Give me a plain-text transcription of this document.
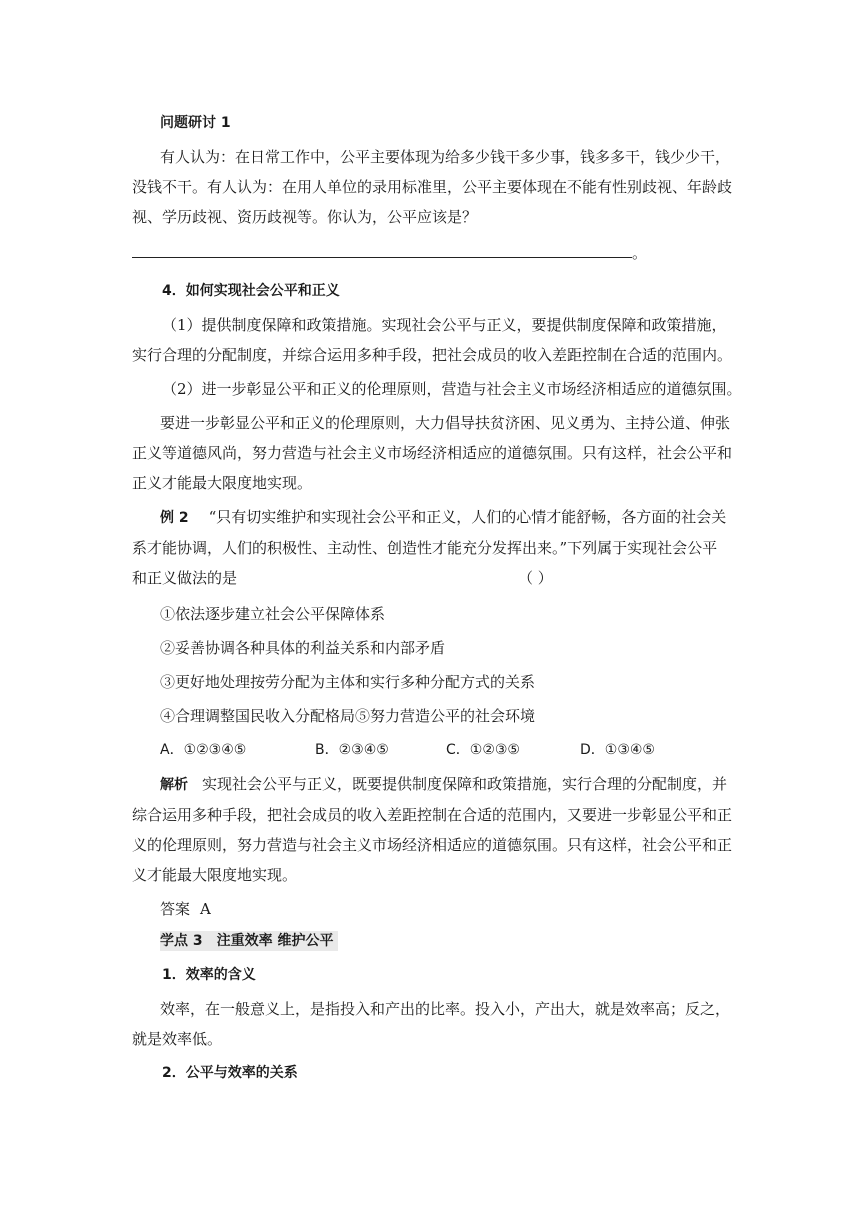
问题研讨 1
有人认为：在日常工作中，公平主要体现为给多少钱干多少事，钱多多干，钱少少干，
没钱不干。有人认为：在用人单位的录用标准里，公平主要体现在不能有性别歧视、年龄歧
视、学历歧视、资历歧视等。你认为，公平应该是？
。
4．如何实现社会公平和正义
（1）提供制度保障和政策措施。实现社会公平与正义，要提供制度保障和政策措施，
实行合理的分配制度，并综合运用多种手段，把社会成员的收入差距控制在合适的范围内。
（2）进一步彰显公平和正义的伦理原则，营造与社会主义市场经济相适应的道德氛围。
要进一步彰显公平和正义的伦理原则，大力倡导扶贫济困、见义勇为、主持公道、伸张
正义等道德风尚，努力营造与社会主义市场经济相适应的道德氛围。只有这样，社会公平和
正义才能最大限度地实现。
例 2 “只有切实维护和实现社会公平和正义，人们的心情才能舒畅，各方面的社会关
系才能协调，人们的积极性、主动性、创造性才能充分发挥出来。”下列属于实现社会公平
和正义做法的是	（ ）
①依法逐步建立社会公平保障体系
②妥善协调各种具体的利益关系和内部矛盾
③更好地处理按劳分配为主体和实行多种分配方式的关系
④合理调整国民收入分配格局⑤努力营造公平的社会环境
A．①②③④⑤	B．②③④⑤	C．①②③⑤	D．①③④⑤
解析 实现社会公平与正义，既要提供制度保障和政策措施，实行合理的分配制度，并
综合运用多种手段，把社会成员的收入差距控制在合适的范围内，又要进一步彰显公平和正
义的伦理原则，努力营造与社会主义市场经济相适应的道德氛围。只有这样，社会公平和正
义才能最大限度地实现。
答案 A
学点 3　注重效率 维护公平
1．效率的含义
效率，在一般意义上，是指投入和产出的比率。投入小，产出大，就是效率高；反之，
就是效率低。
2．公平与效率的关系
